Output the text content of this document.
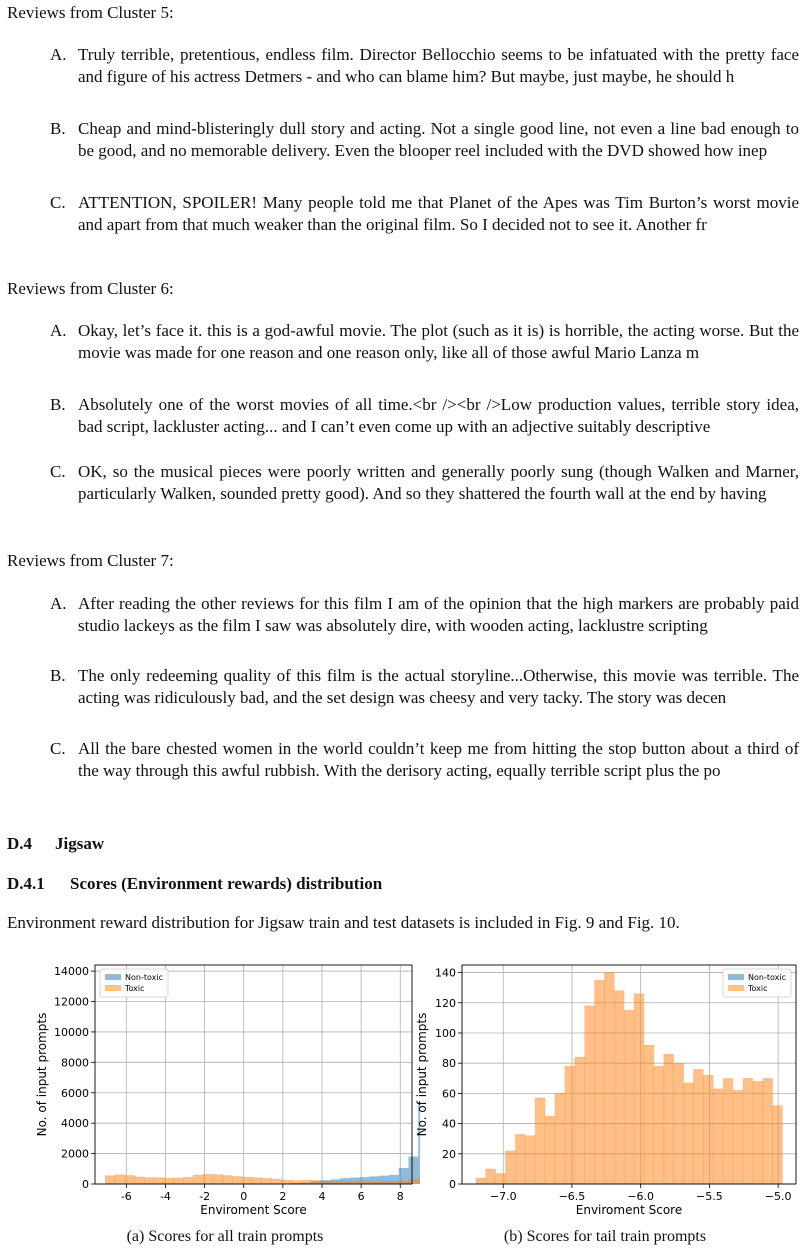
Reviews from Cluster 5:
A. Truly terrible, pretentious, endless film. Director Bellocchio seems to be infatuated with the pretty face and figure of his actress Detmers - and who can blame him? But maybe, just maybe, he should h
B. Cheap and mind-blisteringly dull story and acting. Not a single good line, not even a line bad enough to be good, and no memorable delivery. Even the blooper reel included with the DVD showed how inep
C. ATTENTION, SPOILER! Many people told me that Planet of the Apes was Tim Burton’s worst movie and apart from that much weaker than the original film. So I decided not to see it. Another fr
Reviews from Cluster 6:
A. Okay, let’s face it. this is a god-awful movie. The plot (such as it is) is horrible, the acting worse. But the movie was made for one reason and one reason only, like all of those awful Mario Lanza m
B. Absolutely one of the worst movies of all time.<br /><br />Low production values, terrible story idea, bad script, lackluster acting... and I can’t even come up with an adjective suitably descriptive
C. OK, so the musical pieces were poorly written and generally poorly sung (though Walken and Marner, particularly Walken, sounded pretty good). And so they shattered the fourth wall at the end by having
Reviews from Cluster 7:
A. After reading the other reviews for this film I am of the opinion that the high markers are probably paid studio lackeys as the film I saw was absolutely dire, with wooden acting, lacklustre scripting
B. The only redeeming quality of this film is the actual storyline...Otherwise, this movie was terrible. The acting was ridiculously bad, and the set design was cheesy and very tacky. The story was decen
C. All the bare chested women in the world couldn’t keep me from hitting the stop button about a third of the way through this awful rubbish. With the derisory acting, equally terrible script plus the po
D.4 Jigsaw
D.4.1 Scores (Environment rewards) distribution
Environment reward distribution for Jigsaw train and test datasets is included in Fig. 9 and Fig. 10.
-6	-4	-2	0	2	4	6	8
0
2000
4000
6000
8000
10000
12000
14000
Enviroment Score
No. of input prompts
Non-toxic
Toxic
(a) Scores for all train prompts
−7.0	−6.5	−6.0	−5.5	−5.0
0
20
40
60
80
100
120
140
Enviroment Score
No. of input prompts
Non-toxic
Toxic
(b) Scores for tail train prompts
